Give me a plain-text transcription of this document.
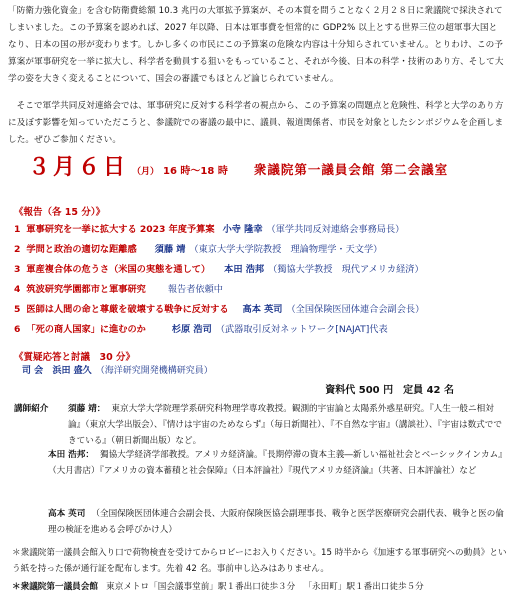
「防衛力強化資金」を含む防衛費総額 10.3 兆円の大軍拡予算案が、その本質を問うことなく２月２８日に衆議院で採決されてしまいました。この予算案を認めれば、2027 年以降、日本は軍事費を恒常的に GDP2% 以上とする世界三位の超軍事大国となり、日本の国の形が変わります。しかし多くの市民にこの予算案の危険な内容は十分知らされていません。とりわけ、この予算案が軍事研究を一挙に拡大し、科学者を動員する狙いをもっていること、それが今後、日本の科学・技術のあり方、そして大学の姿を大きく変えることについて、国会の審議でもほとんど論じられていません。
そこで軍学共同反対連絡会では、軍事研究に反対する科学者の視点から、この予算案の問題点と危険性、科学と大学のあり方に及ぼす影響を知っていただこうと、参議院での審議の最中に、議員、報道関係者、市民を対象としたシンポジウムを企画しました。ぜひご参加ください。
３月６日 （月） 16 時～18 時 衆議院第一議員会館 第二会議室
《報告（各 15 分）》
1 軍事研究を一挙に拡大する 2023 年度予算案 小寺 隆幸 （軍学共同反対連絡会事務局長）
2 学問と政治の適切な距離感 須藤 靖 （東京大学大学院教授　理論物理学・天文学）
3 軍産複合体の危うさ（米国の実態を通して） 本田 浩邦 （獨協大学教授　現代アメリカ経済）
4 筑波研究学園都市と軍事研究 報告者依頼中
5 医師は人間の命と尊厳を破壊する戦争に反対する 高本 英司 （全国保険医団体連合会副会長）
6 「死の商人国家」に進むのか	杉原 浩司 （武器取引反対ネットワーク[NAJAT]代表
《質疑応答と討議　30 分》
司 会 浜田 盛久 （海洋研究開発機構研究員）
資料代 500 円　定員 42 名
講師紹介 須藤 靖： 東京大学大学院理学系研究科物理学専攻教授。観測的宇宙論と太陽系外惑星研究。『人生一般ニ相対論』（東京大学出版会）、『情けは宇宙のためならず』（毎日新聞社）、『不自然な宇宙』（講談社）、『宇宙は数式でできている』（朝日新聞出版）など。
本田 浩邦： 獨協大学経済学部教授。アメリカ経済論。『長期停滞の資本主義―新しい福祉社会とベーシックインカム』（大月書店）『アメリカの資本蓄積と社会保障』（日本評論社）『現代アメリカ経済論』（共著、日本評論社）など
高本 英司 （全国保険医団体連合会副会長、大阪府保険医協会副理事長、戦争と医学医療研究会副代表、戦争と医の倫理の検証を進める会呼びかけ人）
＊衆議院第一議員会館入り口で荷物検査を受けてからロビーにお入りください。15 時半から《加速する軍事研究への動員》という紙を持った係が通行証を配布します。先着 42 名。事前申し込みはありません。
＊衆議院第一議員会館 東京メトロ「国会議事堂前」駅１番出口徒歩３分 「永田町」駅１番出口徒歩５分
